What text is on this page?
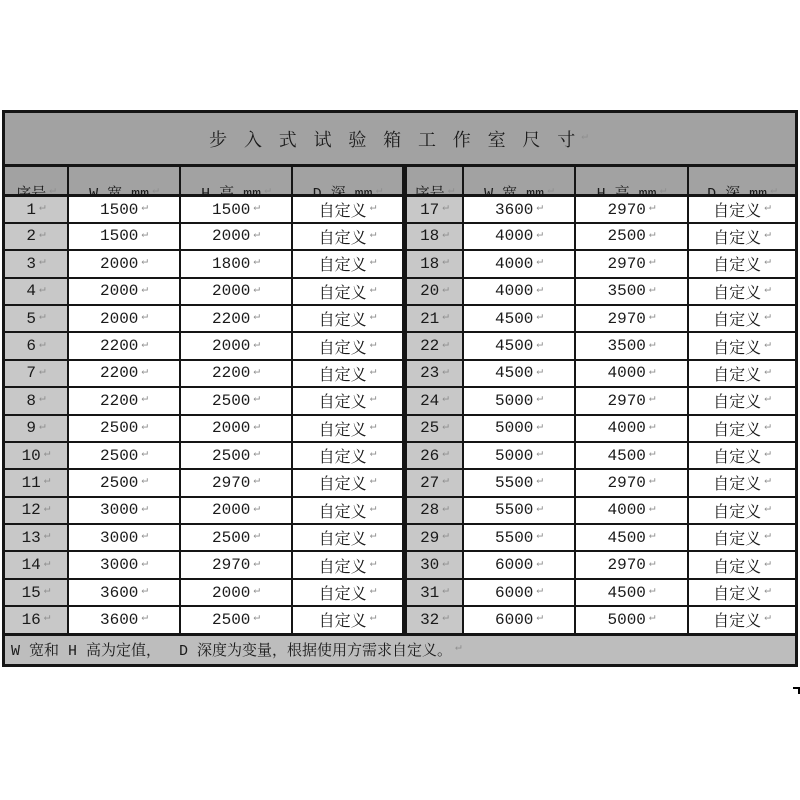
步 入 式 试 验 箱 工 作 室 尺 寸 ↵
↵	↵	↵	↵	↵	↵	↵	↵
1 ↵	1500 ↵	1500 ↵	自定义 ↵	17 ↵	3600 ↵	2970 ↵	自定义 ↵
2 ↵	1500 ↵	2000 ↵	自定义 ↵	18 ↵	4000 ↵	2500 ↵	自定义 ↵
3 ↵	2000 ↵	1800 ↵	自定义 ↵	18 ↵	4000 ↵	2970 ↵	自定义 ↵
4 ↵	2000 ↵	2000 ↵	自定义 ↵	20 ↵	4000 ↵	3500 ↵	自定义 ↵
5 ↵	2000 ↵	2200 ↵	自定义 ↵	21 ↵	4500 ↵	2970 ↵	自定义 ↵
6 ↵	2200 ↵	2000 ↵	自定义 ↵	22 ↵	4500 ↵	3500 ↵	自定义 ↵
7 ↵	2200 ↵	2200 ↵	自定义 ↵	23 ↵	4500 ↵	4000 ↵	自定义 ↵
8 ↵	2200 ↵	2500 ↵	自定义 ↵	24 ↵	5000 ↵	2970 ↵	自定义 ↵
9 ↵	2500 ↵	2000 ↵	自定义 ↵	25 ↵	5000 ↵	4000 ↵	自定义 ↵
10 ↵	2500 ↵	2500 ↵	自定义 ↵	26 ↵	5000 ↵	4500 ↵	自定义 ↵
11 ↵	2500 ↵	2970 ↵	自定义 ↵	27 ↵	5500 ↵	2970 ↵	自定义 ↵
12 ↵	3000 ↵	2000 ↵	自定义 ↵	28 ↵	5500 ↵	4000 ↵	自定义 ↵
13 ↵	3000 ↵	2500 ↵	自定义 ↵	29 ↵	5500 ↵	4500 ↵	自定义 ↵
14 ↵	3000 ↵	2970 ↵	自定义 ↵	30 ↵	6000 ↵	2970 ↵	自定义 ↵
15 ↵	3600 ↵	2000 ↵	自定义 ↵	31 ↵	6000 ↵	4500 ↵	自定义 ↵
16 ↵	3600 ↵	2500 ↵	自定义 ↵	32 ↵	6000 ↵	5000 ↵	自定义 ↵
W 宽和 H 高为定值，  D 深度为变量，根据使用方需求自定义。 ↵
